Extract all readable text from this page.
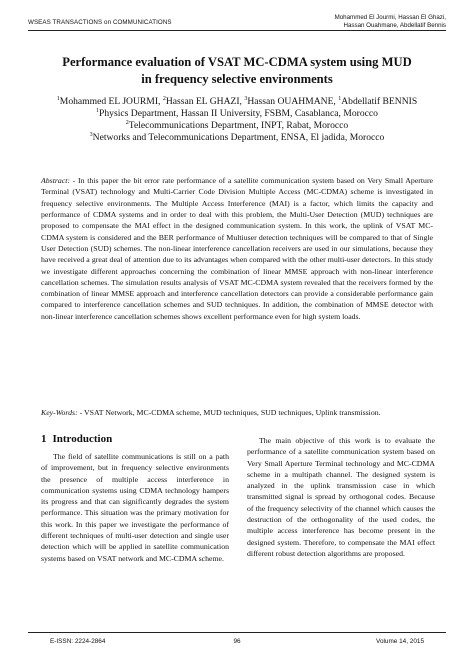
WSEAS TRANSACTIONS on COMMUNICATIONS
Mohammed El Jourmi, Hassan El Ghazi,
Hassan Ouahmane, Abdellatif Bennis
Performance evaluation of VSAT MC-CDMA system using MUD
in frequency selective environments
$^1$Mohammed EL JOURMI, $^2$Hassan EL GHAZI, $^3$Hassan OUAHMANE, $^1$Abdellatif BENNIS
$^1$Physics Department, Hassan II University, FSBM, Casablanca, Morocco
$^2$Telecommunications Department, INPT, Rabat, Morocco
$^3$Networks and Telecommunications Department, ENSA, El jadida, Morocco
Abstract: - In this paper the bit error rate performance of a satellite communication system based on Very Small Aperture Terminal (VSAT) technology and Multi-Carrier Code Division Multiple Access (MC-CDMA) scheme is investigated in frequency selective environments. The Multiple Access Interference (MAI) is a factor, which limits the capacity and performance of CDMA systems and in order to deal with this problem, the Multi-User Detection (MUD) techniques are proposed to compensate the MAI effect in the designed communication system. In this work, the uplink of VSAT MC-CDMA system is considered and the BER performance of Multiuser detection techniques will be compared to that of Single User Detection (SUD) schemes. The non-linear interference cancellation receivers are used in our simulations, because they have received a great deal of attention due to its advantages when compared with the other multi-user detectors. In this study we investigate different approaches concerning the combination of linear MMSE approach with non-linear interference cancellation schemes. The simulation results analysis of VSAT MC-CDMA system revealed that the receivers formed by the combination of linear MMSE approach and interference cancellation detectors can provide a considerable performance gain compared to interference cancellation schemes and SUD techniques. In addition, the combination of MMSE detector with non-linear interference cancellation schemes shows excellent performance even for high system loads.
Key-Words: - VSAT Network, MC-CDMA scheme, MUD techniques, SUD techniques, Uplink transmission.
1 Introduction
The field of satellite communications is still on a path of improvement, but in frequency selective environments the presence of multiple access interference in communication systems using CDMA technology hampers its progress and that can significantly degrades the system performance. This situation was the primary motivation for this work. In this paper we investigate the performance of different techniques of multi-user detection and single user detection which will be applied in satellite communication systems based on VSAT network and MC-CDMA scheme.
The main objective of this work is to evaluate the performance of a satellite communication system based on Very Small Aperture Terminal technology and MC-CDMA scheme in a multipath channel. The designed system is analyzed in the uplink transmission case in which transmitted signal is spread by orthogonal codes. Because of the frequency selectivity of the channel which causes the destruction of the orthogonality of the used codes, the multiple access interference has become present in the designed system. Therefore, to compensate the MAI effect different robust detection algorithms are proposed.
E-ISSN: 2224-2864	96	Volume 14, 2015
